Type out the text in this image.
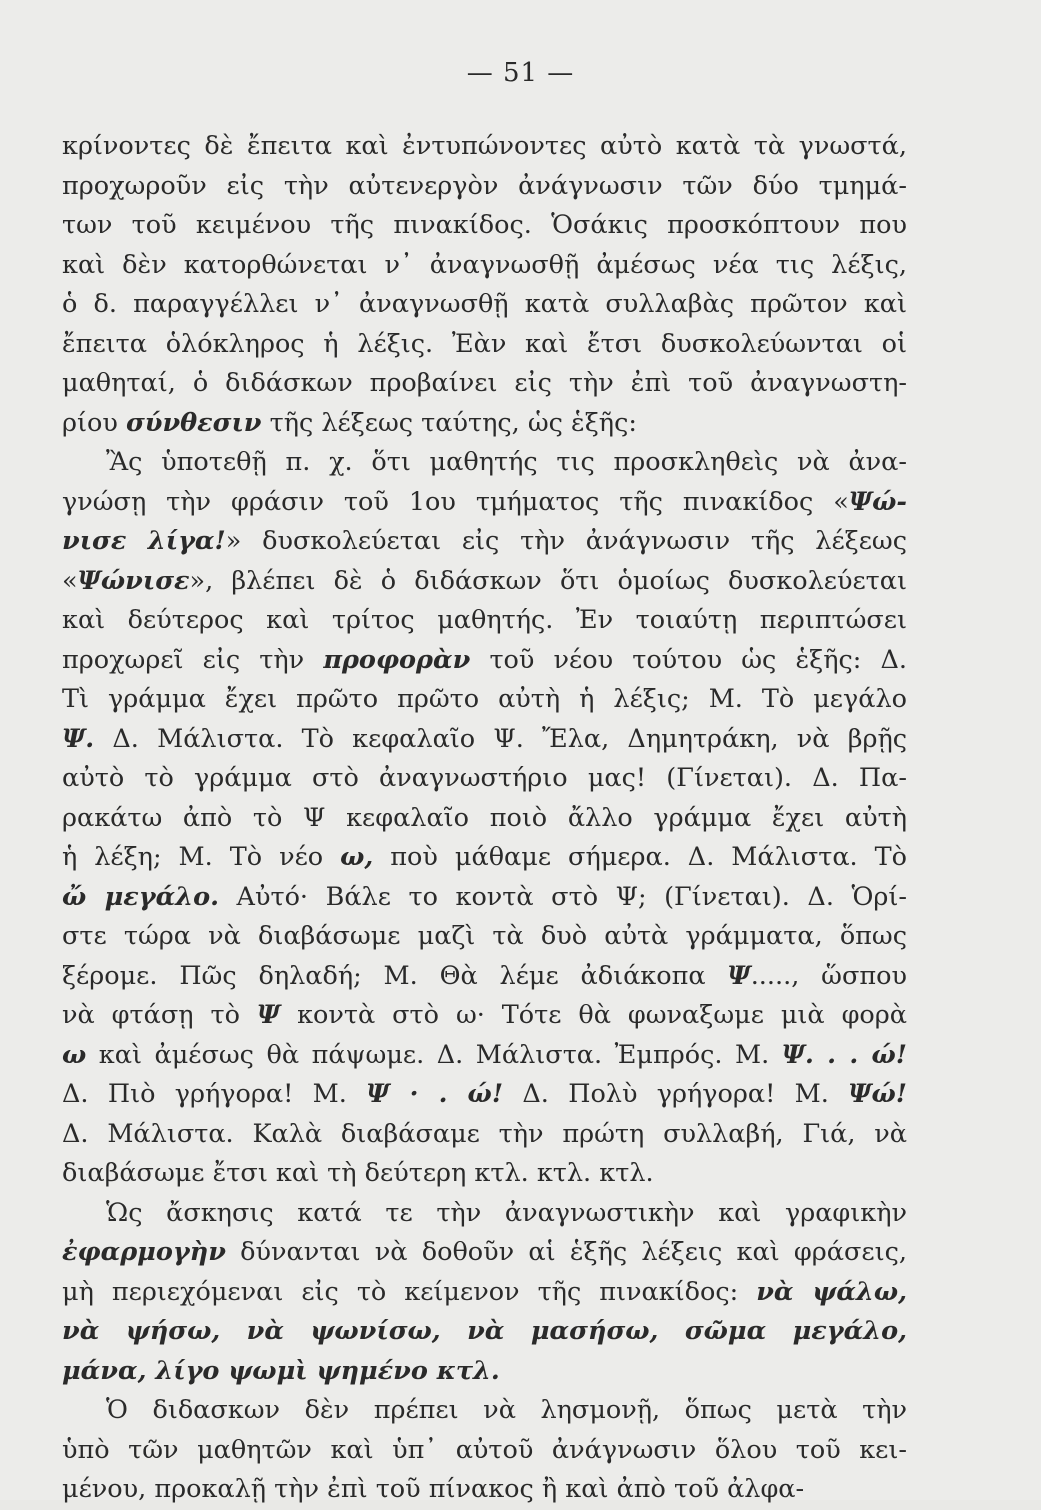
— 51 —
κρίνοντες δὲ ἔπειτα καὶ ἐντυπώνοντες αὐτὸ κατὰ τὰ γνωστά,
προχωροῦν εἰς τὴν αὐτενεργὸν ἀνάγνωσιν τῶν δύο τμημά-
των τοῦ κειμένου τῆς πινακίδος. Ὁσάκις προσκόπτουν που
καὶ δὲν κατορθώνεται ν᾿ ἀναγνωσθῇ ἀμέσως νέα τις λέξις,
ὁ δ. παραγγέλλει ν᾿ ἀναγνωσθῇ κατὰ συλλαβὰς πρῶτον καὶ
ἔπειτα ὁλόκληρος ἡ λέξις. Ἐὰν καὶ ἔτσι δυσκολεύωνται οἱ
μαθηταί, ὁ διδάσκων προβαίνει εἰς τὴν ἐπὶ τοῦ ἀναγνωστη-
ρίου σύνθεσιν τῆς λέξεως ταύτης, ὡς ἑξῆς:
Ἂς ὑποτεθῇ π. χ. ὅτι μαθητής τις προσκληθεὶς νὰ ἀνα-
γνώσῃ τὴν φράσιν τοῦ 1ου τμήματος τῆς πινακίδος «Ψώ-
νισε λίγα!» δυσκολεύεται εἰς τὴν ἀνάγνωσιν τῆς λέξεως
«Ψώνισε», βλέπει δὲ ὁ διδάσκων ὅτι ὁμοίως δυσκολεύεται
καὶ δεύτερος καὶ τρίτος μαθητής. Ἐν τοιαύτῃ περιπτώσει
προχωρεῖ εἰς τὴν προφορὰν τοῦ νέου τούτου ὡς ἑξῆς: Δ.
Τὶ γράμμα ἔχει πρῶτο πρῶτο αὐτὴ ἡ λέξις; Μ. Τὸ μεγάλο
Ψ. Δ. Μάλιστα. Τὸ κεφαλαῖο Ψ. Ἔλα, Δημητράκη, νὰ βρῇς
αὐτὸ τὸ γράμμα στὸ ἀναγνωστήριο μας! (Γίνεται). Δ. Πα-
ρακάτω ἀπὸ τὸ Ψ κεφαλαῖο ποιὸ ἄλλο γράμμα ἔχει αὐτὴ
ἡ λέξη; Μ. Τὸ νέο ω, ποὺ μάθαμε σήμερα. Δ. Μάλιστα. Τὸ
ὤ μεγάλο. Αὐτό· Βάλε το κοντὰ στὸ Ψ; (Γίνεται). Δ. Ὁρί-
στε τώρα νὰ διαβάσωμε μαζὶ τὰ δυὸ αὐτὰ γράμματα, ὅπως
ξέρομε. Πῶς δηλαδή; Μ. Θὰ λέμε ἀδιάκοπα Ψ....., ὥσπου
νὰ φτάσῃ τὸ Ψ κοντὰ στὸ ω· Τότε θὰ φωναξωμε μιὰ φορὰ
ω καὶ ἀμέσως θὰ πάψωμε. Δ. Μάλιστα. Ἐμπρός. Μ. Ψ. . . ώ!
Δ. Πιὸ γρήγορα! Μ. Ψ · . ώ! Δ. Πολὺ γρήγορα! Μ. Ψώ!
Δ. Μάλιστα. Καλὰ διαβάσαμε τὴν πρώτη συλλαβή, Γιά, νὰ
διαβάσωμε ἔτσι καὶ τὴ δεύτερη κτλ. κτλ. κτλ.
Ὡς ἄσκησις κατά τε τὴν ἀναγνωστικὴν καὶ γραφικὴν
ἐφαρμογὴν δύνανται νὰ δοθοῦν αἱ ἑξῆς λέξεις καὶ φράσεις,
μὴ περιεχόμεναι εἰς τὸ κείμενον τῆς πινακίδος: νὰ ψάλω,
νὰ ψήσω, νὰ ψωνίσω, νὰ μασήσω, σῶμα μεγάλο,
μάνα, λίγο ψωμὶ ψημένο κτλ.
Ὁ διδασκων δὲν πρέπει νὰ λησμονῇ, ὅπως μετὰ τὴν
ὑπὸ τῶν μαθητῶν καὶ ὑπ᾿ αὐτοῦ ἀνάγνωσιν ὅλου τοῦ κει-
μένου, προκαλῇ τὴν ἐπὶ τοῦ πίνακος ἢ καὶ ἀπὸ τοῦ ἀλφα-
